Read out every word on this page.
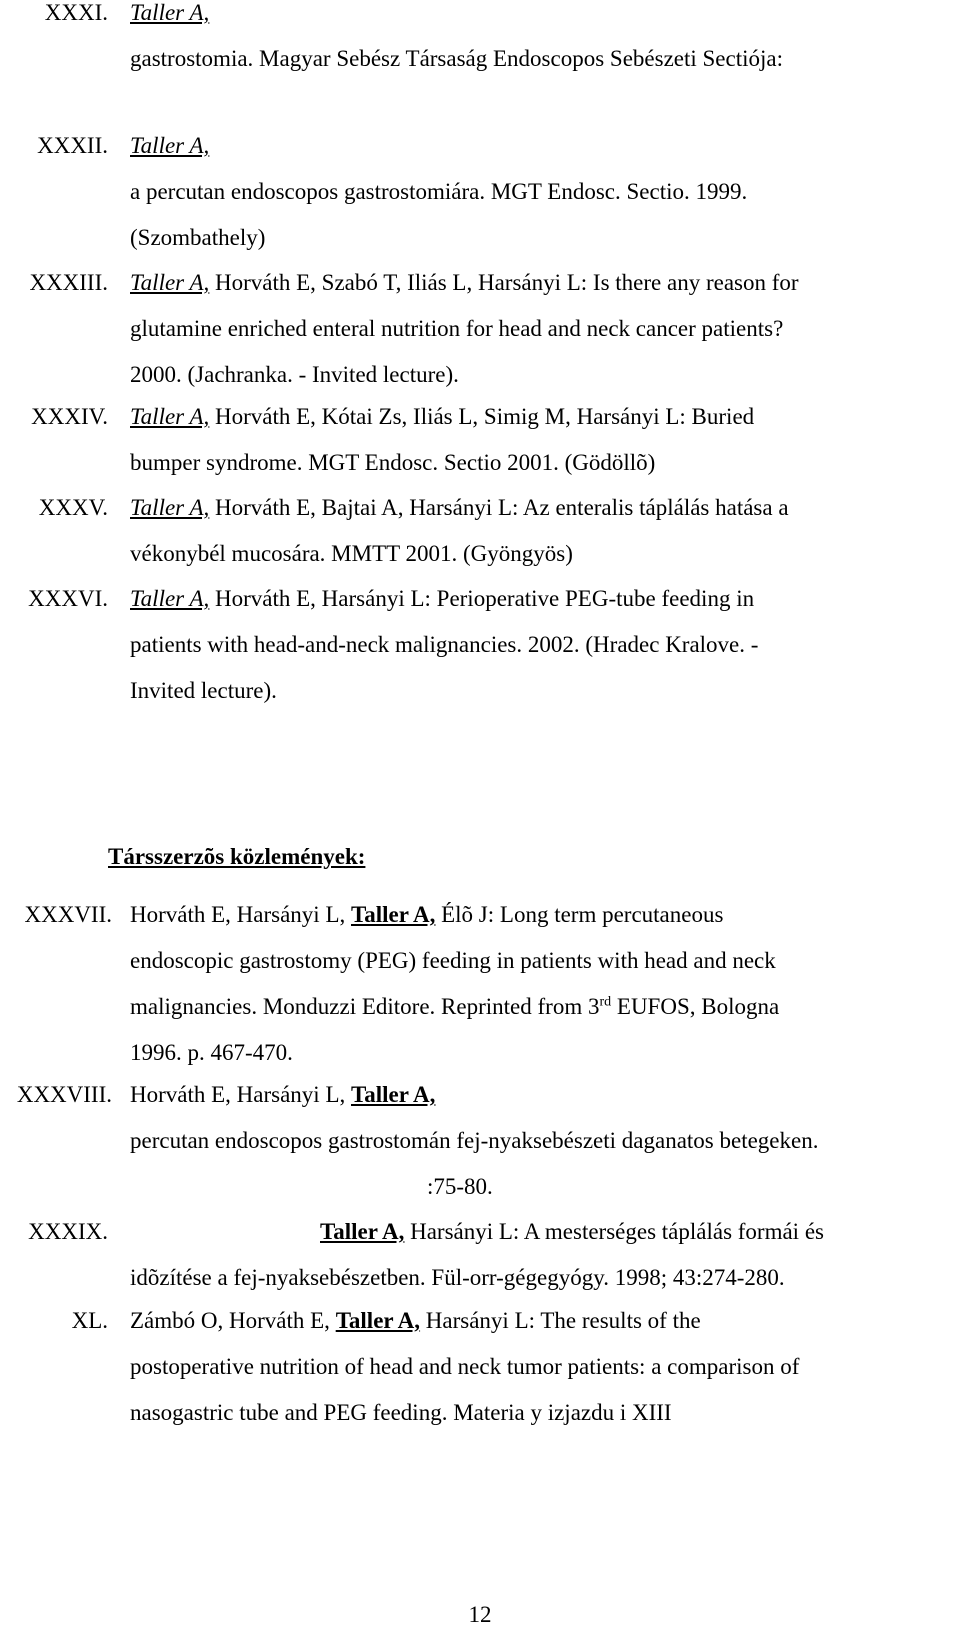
XXXI. Taller A,
gastrostomia. Magyar Sebész Társaság Endoscopos Sebészeti Sectiója:
XXXII. Taller A,
a percutan endoscopos gastrostomiára. MGT Endosc. Sectio. 1999.
(Szombathely)
XXXIII. Taller A, Horváth E, Szabó T, Iliás L, Harsányi L: Is there any reason for
glutamine enriched enteral nutrition for head and neck cancer patients?
2000. (Jachranka. - Invited lecture).
XXXIV. Taller A, Horváth E, Kótai Zs, Iliás L, Simig M, Harsányi L: Buried
bumper syndrome. MGT Endosc. Sectio 2001. (Gödöllõ)
XXXV. Taller A, Horváth E, Bajtai A, Harsányi L: Az enteralis táplálás hatása a
vékonybél mucosára. MMTT 2001. (Gyöngyös)
XXXVI. Taller A, Horváth E, Harsányi L: Perioperative PEG-tube feeding in
patients with head-and-neck malignancies. 2002. (Hradec Kralove. -
Invited lecture).
Társszerzõs közlemények:
XXXVII. Horváth E, Harsányi L, Taller A, Élõ J: Long term percutaneous
endoscopic gastrostomy (PEG) feeding in patients with head and neck
malignancies. Monduzzi Editore. Reprinted from 3rd EUFOS, Bologna
1996. p. 467-470.
XXXVIII. Horváth E, Harsányi L, Taller A,
percutan endoscopos gastrostomán fej-nyaksebészeti daganatos betegeken.
:75-80.
XXXIX.	Taller A, Harsányi L: A mesterséges táplálás formái és
idõzítése a fej-nyaksebészetben. Fül-orr-gégegyógy. 1998; 43:274-280.
XL. Zámbó O, Horváth E, Taller A, Harsányi L: The results of the
postoperative nutrition of head and neck tumor patients: a comparison of
nasogastric tube and PEG feeding. Materia y izjazdu i XIII
12
